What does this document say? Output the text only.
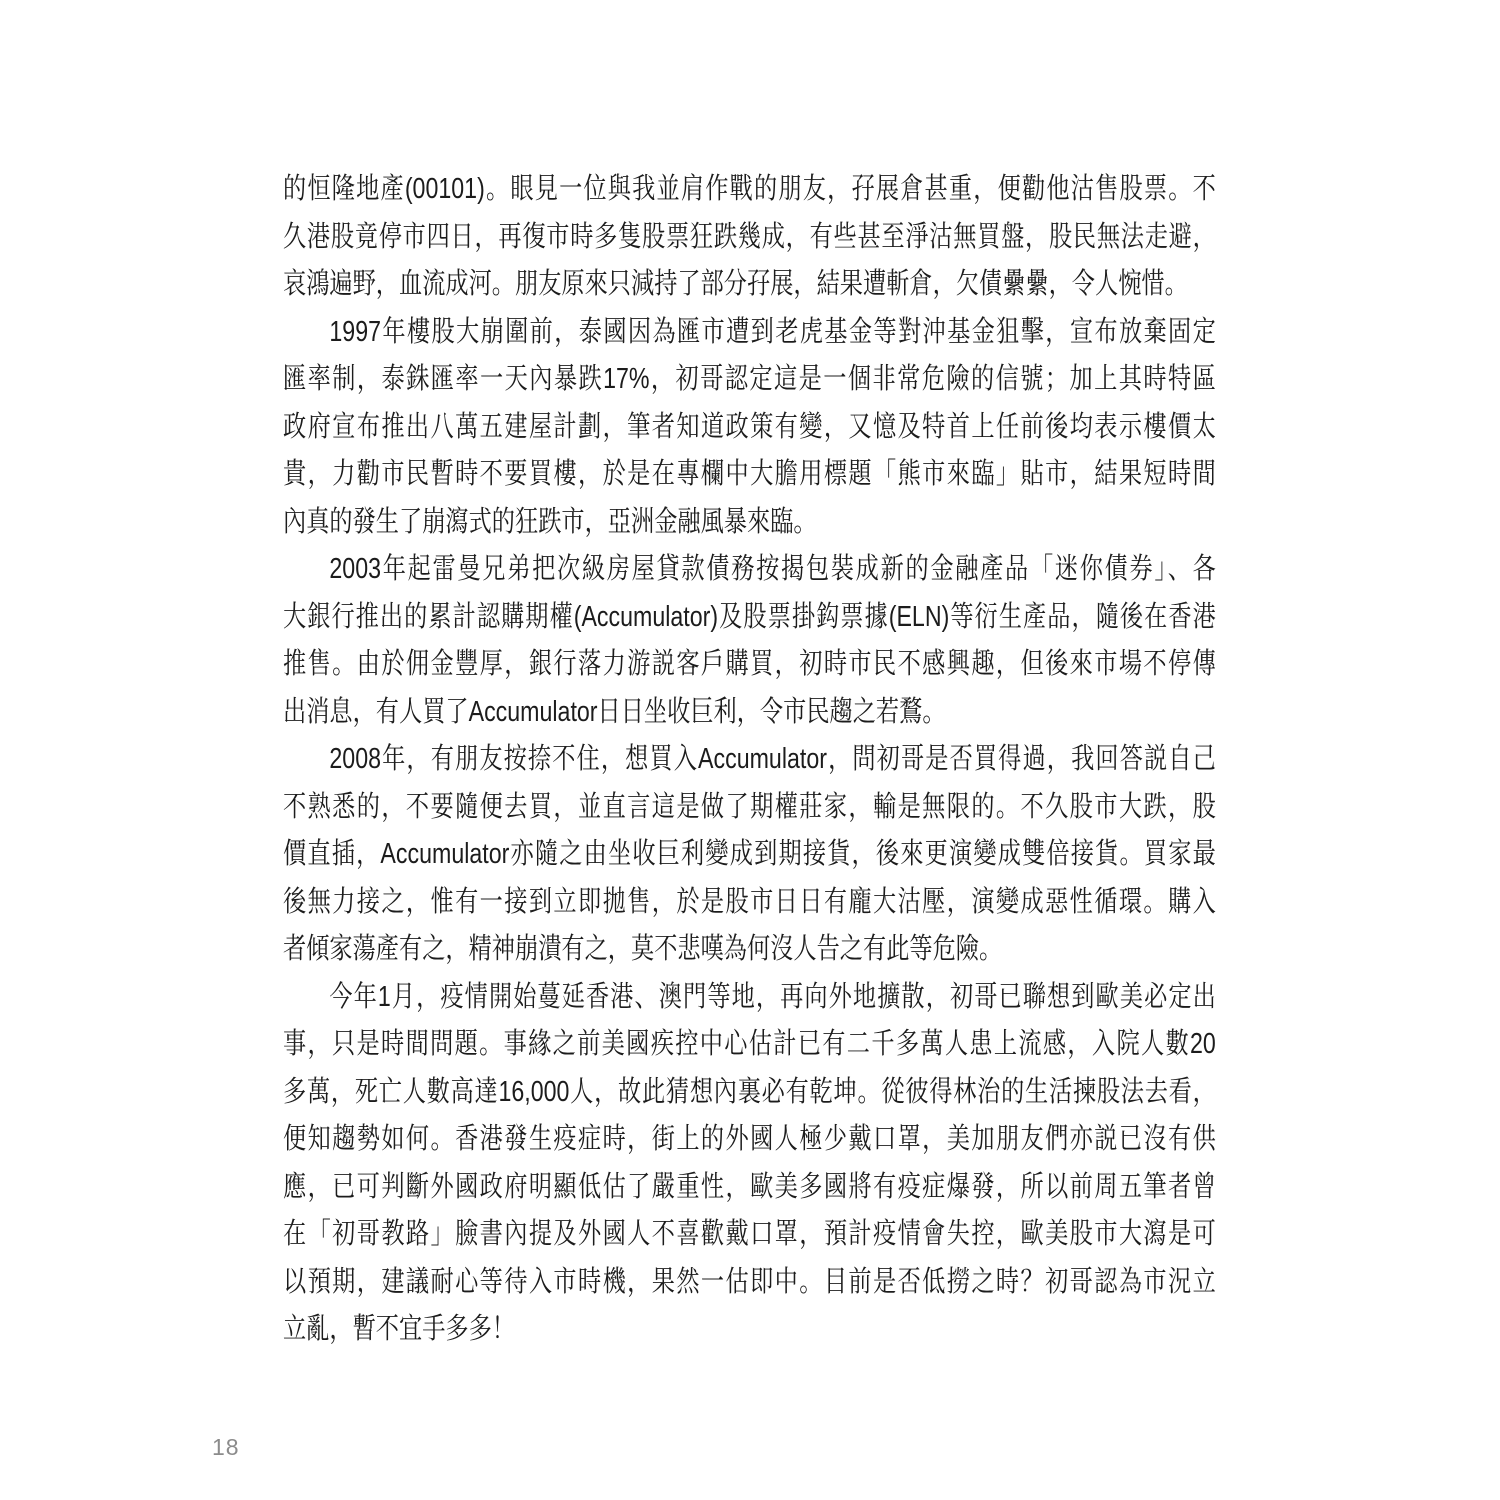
的恒隆地產(00101)。眼見一位與我並肩作戰的朋友，孖展倉甚重，便勸他沽售股票。不
久港股竟停市四日，再復市時多隻股票狂跌幾成，有些甚至淨沽無買盤，股民無法走避，
哀鴻遍野，血流成河。朋友原來只減持了部分孖展，結果遭斬倉，欠債纍纍，令人惋惜。
1997年樓股大崩圍前，泰國因為匯市遭到老虎基金等對沖基金狙擊，宣布放棄固定
匯率制，泰銖匯率一天內暴跌17%，初哥認定這是一個非常危險的信號；加上其時特區
政府宣布推出八萬五建屋計劃，筆者知道政策有變，又憶及特首上任前後均表示樓價太
貴，力勸市民暫時不要買樓，於是在專欄中大膽用標題「熊市來臨」貼市，結果短時間
內真的發生了崩瀉式的狂跌市，亞洲金融風暴來臨。
2003年起雷曼兄弟把次級房屋貸款債務按揭包裝成新的金融產品「迷你債券」、各
大銀行推出的累計認購期權(Accumulator)及股票掛鈎票據(ELN)等衍生產品，隨後在香港
推售。由於佣金豐厚，銀行落力游説客戶購買，初時市民不感興趣，但後來市場不停傳
出消息，有人買了Accumulator日日坐收巨利，令市民趨之若鶩。
2008年，有朋友按捺不住，想買入Accumulator，問初哥是否買得過，我回答説自己
不熟悉的，不要隨便去買，並直言這是做了期權莊家，輸是無限的。不久股市大跌，股
價直插，Accumulator亦隨之由坐收巨利變成到期接貨，後來更演變成雙倍接貨。買家最
後無力接之，惟有一接到立即拋售，於是股市日日有龐大沽壓，演變成惡性循環。購入
者傾家蕩產有之，精神崩潰有之，莫不悲嘆為何沒人告之有此等危險。
今年1月，疫情開始蔓延香港、澳門等地，再向外地擴散，初哥已聯想到歐美必定出
事，只是時間問題。事緣之前美國疾控中心估計已有二千多萬人患上流感，入院人數20
多萬，死亡人數高達16,000人，故此猜想內裏必有乾坤。從彼得林治的生活揀股法去看，
便知趨勢如何。香港發生疫症時，街上的外國人極少戴口罩，美加朋友們亦説已沒有供
應，已可判斷外國政府明顯低估了嚴重性，歐美多國將有疫症爆發，所以前周五筆者曾
在「初哥教路」臉書內提及外國人不喜歡戴口罩，預計疫情會失控，歐美股市大瀉是可
以預期，建議耐心等待入市時機，果然一估即中。目前是否低撈之時？初哥認為市況立
立亂，暫不宜手多多！
18
